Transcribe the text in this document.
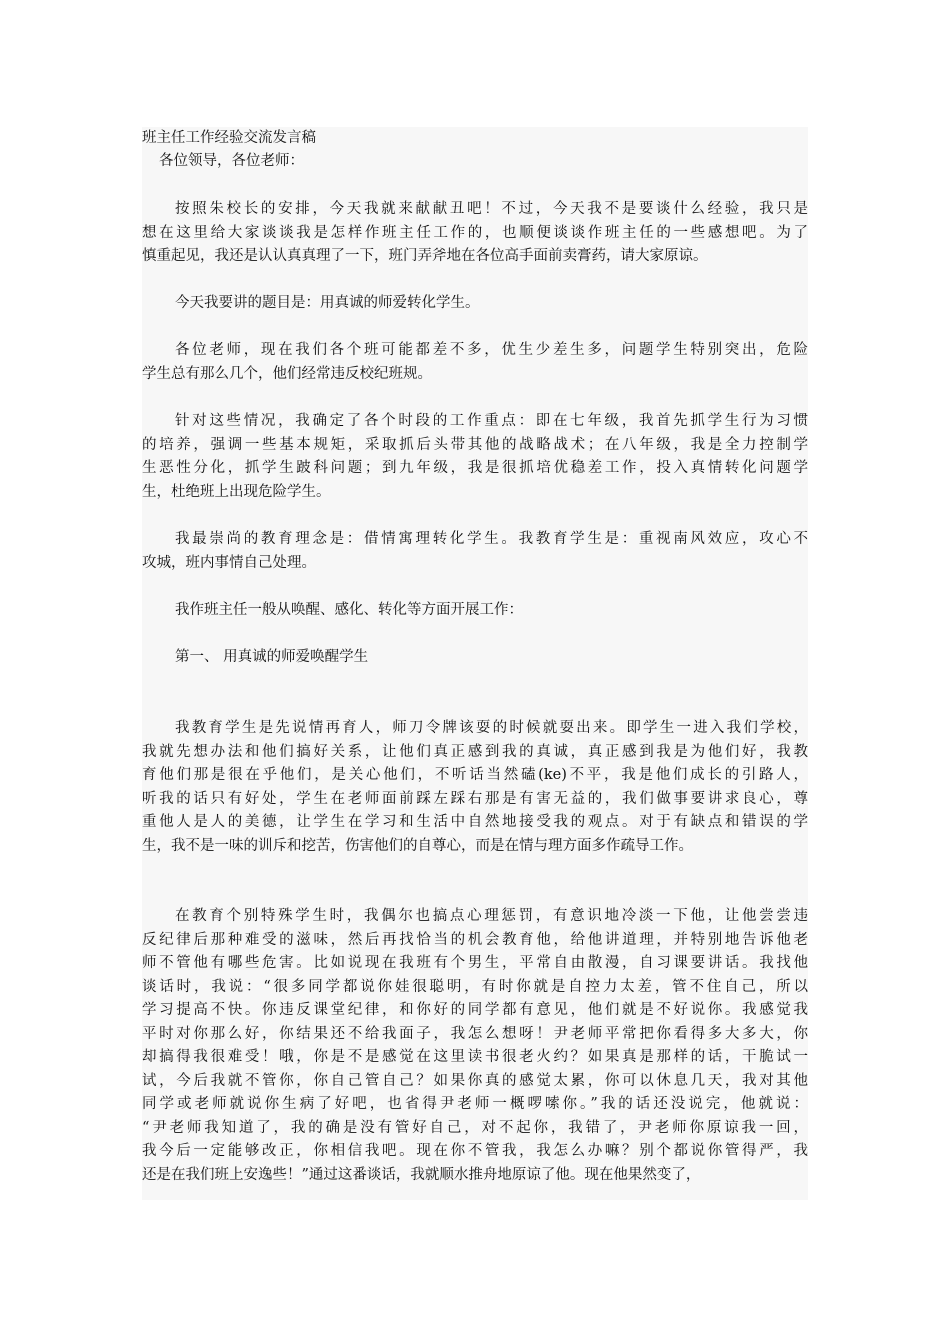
班主任工作经验交流发言稿
各位领导，各位老师：
按照朱校长的安排，今天我就来献献丑吧！不过，今天我不是要谈什么经验，我只是
想在这里给大家谈谈我是怎样作班主任工作的，也顺便谈谈作班主任的一些感想吧。为了
慎重起见，我还是认认真真理了一下，班门弄斧地在各位高手面前卖膏药，请大家原谅。
今天我要讲的题目是：用真诚的师爱转化学生。
各位老师，现在我们各个班可能都差不多，优生少差生多，问题学生特别突出，危险
学生总有那么几个，他们经常违反校纪班规。
针对这些情况，我确定了各个时段的工作重点：即在七年级，我首先抓学生行为习惯
的培养，强调一些基本规矩，采取抓后头带其他的战略战术；在八年级，我是全力控制学
生恶性分化，抓学生跛科问题；到九年级，我是很抓培优稳差工作，投入真情转化问题学
生，杜绝班上出现危险学生。
我最崇尚的教育理念是：借情寓理转化学生。我教育学生是：重视南风效应，攻心不
攻城，班内事情自己处理。
我作班主任一般从唤醒、感化、转化等方面开展工作：
第一、 用真诚的师爱唤醒学生
我教育学生是先说情再育人，师刀令牌该耍的时候就耍出来。即学生一进入我们学校，
我就先想办法和他们搞好关系，让他们真正感到我的真诚，真正感到我是为他们好，我教
育他们那是很在乎他们，是关心他们，不听话当然磕(ke)不平，我是他们成长的引路人，
听我的话只有好处，学生在老师面前踩左踩右那是有害无益的，我们做事要讲求良心，尊
重他人是人的美德，让学生在学习和生活中自然地接受我的观点。对于有缺点和错误的学
生，我不是一味的训斥和挖苦，伤害他们的自尊心，而是在情与理方面多作疏导工作。
在教育个别特殊学生时，我偶尔也搞点心理惩罚，有意识地冷淡一下他，让他尝尝违
反纪律后那种难受的滋味，然后再找恰当的机会教育他，给他讲道理，并特别地告诉他老
师不管他有哪些危害。比如说现在我班有个男生，平常自由散漫，自习课要讲话。我找他
谈话时，我说：“很多同学都说你娃很聪明，有时你就是自控力太差，管不住自己，所以
学习提高不快。你违反课堂纪律，和你好的同学都有意见，他们就是不好说你。我感觉我
平时对你那么好，你结果还不给我面子，我怎么想呀！尹老师平常把你看得多大多大，你
却搞得我很难受！哦，你是不是感觉在这里读书很老火约？如果真是那样的话，干脆试一
试，今后我就不管你，你自己管自己？如果你真的感觉太累，你可以休息几天，我对其他
同学或老师就说你生病了好吧，也省得尹老师一概啰嗦你。”我的话还没说完，他就说：
“尹老师我知道了，我的确是没有管好自己，对不起你，我错了，尹老师你原谅我一回，
我今后一定能够改正，你相信我吧。现在你不管我，我怎么办嘛？别个都说你管得严，我
还是在我们班上安逸些！”通过这番谈话，我就顺水推舟地原谅了他。现在他果然变了，
